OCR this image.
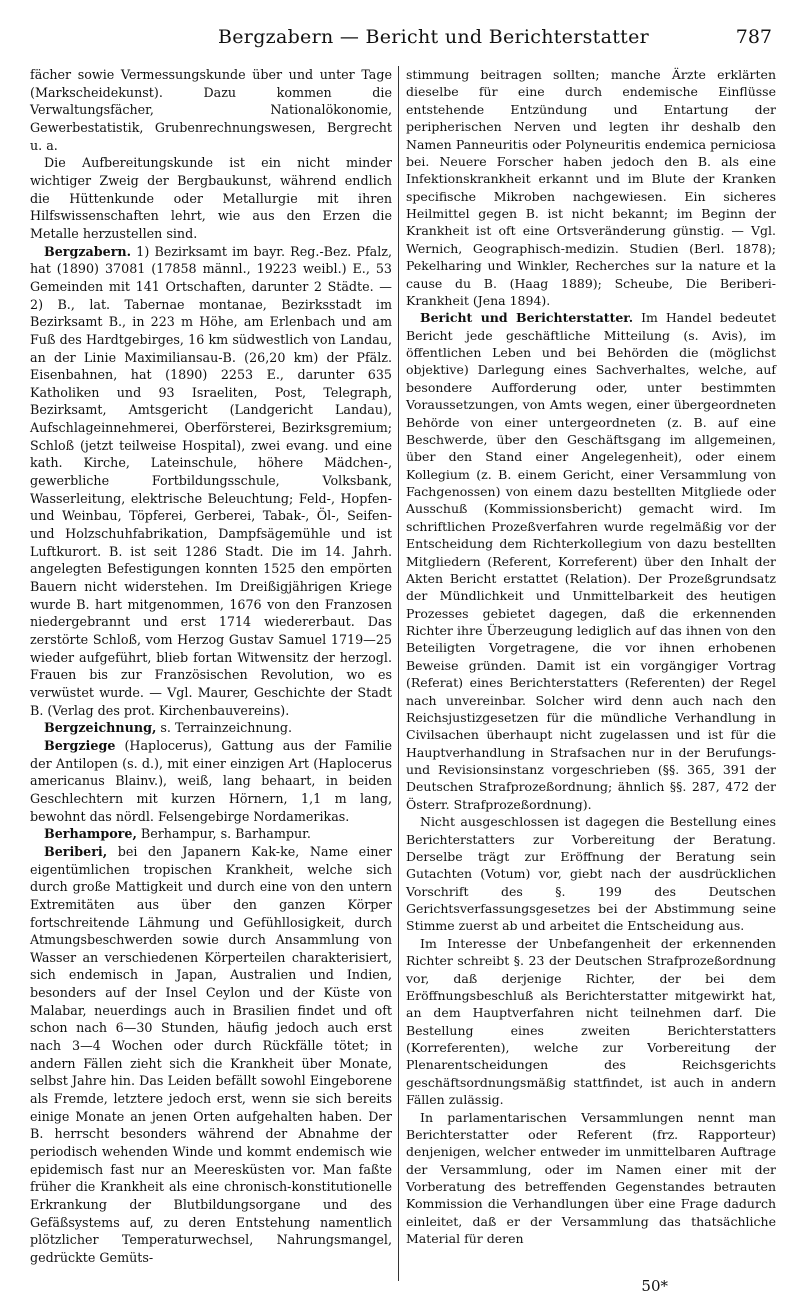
Bergzabern — Bericht und Berichterstatter	787

fächer sowie Vermessungskunde über und unter Tage (Markscheidekunst). Dazu kommen die Verwaltungsfächer, Nationalökonomie, Gewerbestatistik, Grubenrechnungswesen, Bergrecht u. a.

Die Aufbereitungskunde ist ein nicht minder wichtiger Zweig der Bergbaukunst, während endlich die Hüttenkunde oder Metallurgie mit ihren Hilfswissenschaften lehrt, wie aus den Erzen die Metalle herzustellen sind.

Bergzabern. 1) Bezirksamt im bayr. Reg.-Bez. Pfalz, hat (1890) 37081 (17858 männl., 19223 weibl.) E., 53 Gemeinden mit 141 Ortschaften, darunter 2 Städte. — 2) B., lat. Tabernae montanae, Bezirksstadt im Bezirksamt B., in 223 m Höhe, am Erlenbach und am Fuß des Hardtgebirges, 16 km südwestlich von Landau, an der Linie Maximiliansau-B. (26,20 km) der Pfälz. Eisenbahnen, hat (1890) 2253 E., darunter 635 Katholiken und 93 Israeliten, Post, Telegraph, Bezirksamt, Amtsgericht (Landgericht Landau), Aufschlageinnehmerei, Oberförsterei, Bezirksgremium; Schloß (jetzt teilweise Hospital), zwei evang. und eine kath. Kirche, Lateinschule, höhere Mädchen-, gewerbliche Fortbildungsschule, Volksbank, Wasserleitung, elektrische Beleuchtung; Feld-, Hopfen- und Weinbau, Töpferei, Gerberei, Tabak-, Öl-, Seifen- und Holzschuhfabrikation, Dampfsägemühle und ist Luftkurort. B. ist seit 1286 Stadt. Die im 14. Jahrh. angelegten Befestigungen konnten 1525 den empörten Bauern nicht widerstehen. Im Dreißigjährigen Kriege wurde B. hart mitgenommen, 1676 von den Franzosen niedergebrannt und erst 1714 wiedererbaut. Das zerstörte Schloß, vom Herzog Gustav Samuel 1719—25 wieder aufgeführt, blieb fortan Witwensitz der herzogl. Frauen bis zur Französischen Revolution, wo es verwüstet wurde. — Vgl. Maurer, Geschichte der Stadt B. (Verlag des prot. Kirchenbauvereins).

Bergzeichnung, s. Terrainzeichnung.

Bergziege (Haplocerus), Gattung aus der Familie der Antilopen (s. d.), mit einer einzigen Art (Haplocerus americanus Blainv.), weiß, lang behaart, in beiden Geschlechtern mit kurzen Hörnern, 1,1 m lang, bewohnt das nördl. Felsengebirge Nordamerikas.

Berhampore, Berhampur, s. Barhampur.

Beriberi, bei den Japanern Kak-ke, Name einer eigentümlichen tropischen Krankheit, welche sich durch große Mattigkeit und durch eine von den untern Extremitäten aus über den ganzen Körper fortschreitende Lähmung und Gefühllosigkeit, durch Atmungsbeschwerden sowie durch Ansammlung von Wasser an verschiedenen Körperteilen charakterisiert, sich endemisch in Japan, Australien und Indien, besonders auf der Insel Ceylon und der Küste von Malabar, neuerdings auch in Brasilien findet und oft schon nach 6—30 Stunden, häufig jedoch auch erst nach 3—4 Wochen oder durch Rückfälle tötet; in andern Fällen zieht sich die Krankheit über Monate, selbst Jahre hin. Das Leiden befällt sowohl Eingeborene als Fremde, letztere jedoch erst, wenn sie sich bereits einige Monate an jenen Orten aufgehalten haben. Der B. herrscht besonders während der Abnahme der periodisch wehenden Winde und kommt endemisch wie epidemisch fast nur an Meeresküsten vor. Man faßte früher die Krankheit als eine chronisch-konstitutionelle Erkrankung der Blutbildungsorgane und des Gefäßsystems auf, zu deren Entstehung namentlich plötzlicher Temperaturwechsel, Nahrungsmangel, gedrückte Gemüts-

stimmung beitragen sollten; manche Ärzte erklärten dieselbe für eine durch endemische Einflüsse entstehende Entzündung und Entartung der peripherischen Nerven und legten ihr deshalb den Namen Panneuritis oder Polyneuritis endemica perniciosa bei. Neuere Forscher haben jedoch den B. als eine Infektionskrankheit erkannt und im Blute der Kranken specifische Mikroben nachgewiesen. Ein sicheres Heilmittel gegen B. ist nicht bekannt; im Beginn der Krankheit ist oft eine Ortsveränderung günstig. — Vgl. Wernich, Geographisch-medizin. Studien (Berl. 1878); Pekelharing und Winkler, Recherches sur la nature et la cause du B. (Haag 1889); Scheube, Die Beriberi-Krankheit (Jena 1894).

Bericht und Berichterstatter. Im Handel bedeutet Bericht jede geschäftliche Mitteilung (s. Avis), im öffentlichen Leben und bei Behörden die (möglichst objektive) Darlegung eines Sachverhaltes, welche, auf besondere Aufforderung oder, unter bestimmten Voraussetzungen, von Amts wegen, einer übergeordneten Behörde von einer untergeordneten (z. B. auf eine Beschwerde, über den Geschäftsgang im allgemeinen, über den Stand einer Angelegenheit), oder einem Kollegium (z. B. einem Gericht, einer Versammlung von Fachgenossen) von einem dazu bestellten Mitgliede oder Ausschuß (Kommissionsbericht) gemacht wird. Im schriftlichen Prozeßverfahren wurde regelmäßig vor der Entscheidung dem Richterkollegium von dazu bestellten Mitgliedern (Referent, Korreferent) über den Inhalt der Akten Bericht erstattet (Relation). Der Prozeßgrundsatz der Mündlichkeit und Unmittelbarkeit des heutigen Prozesses gebietet dagegen, daß die erkennenden Richter ihre Überzeugung lediglich auf das ihnen von den Beteiligten Vorgetragene, die vor ihnen erhobenen Beweise gründen. Damit ist ein vorgängiger Vortrag (Referat) eines Berichterstatters (Referenten) der Regel nach unvereinbar. Solcher wird denn auch nach den Reichsjustizgesetzen für die mündliche Verhandlung in Civilsachen überhaupt nicht zugelassen und ist für die Hauptverhandlung in Strafsachen nur in der Berufungs- und Revisionsinstanz vorgeschrieben (§§. 365, 391 der Deutschen Strafprozeßordnung; ähnlich §§. 287, 472 der Österr. Strafprozeßordnung).

Nicht ausgeschlossen ist dagegen die Bestellung eines Berichterstatters zur Vorbereitung der Beratung. Derselbe trägt zur Eröffnung der Beratung sein Gutachten (Votum) vor, giebt nach der ausdrücklichen Vorschrift des §. 199 des Deutschen Gerichtsverfassungsgesetzes bei der Abstimmung seine Stimme zuerst ab und arbeitet die Entscheidung aus.

Im Interesse der Unbefangenheit der erkennenden Richter schreibt §. 23 der Deutschen Strafprozeßordnung vor, daß derjenige Richter, der bei dem Eröffnungsbeschluß als Berichterstatter mitgewirkt hat, an dem Hauptverfahren nicht teilnehmen darf. Die Bestellung eines zweiten Berichterstatters (Korreferenten), welche zur Vorbereitung der Plenarentscheidungen des Reichsgerichts geschäftsordnungsmäßig stattfindet, ist auch in andern Fällen zulässig.

In parlamentarischen Versammlungen nennt man Berichterstatter oder Referent (frz. Rapporteur) denjenigen, welcher entweder im unmittelbaren Auftrage der Versammlung, oder im Namen einer mit der Vorberatung des betreffenden Gegenstandes betrauten Kommission die Verhandlungen über eine Frage dadurch einleitet, daß er der Versammlung das thatsächliche Material für deren

50*
